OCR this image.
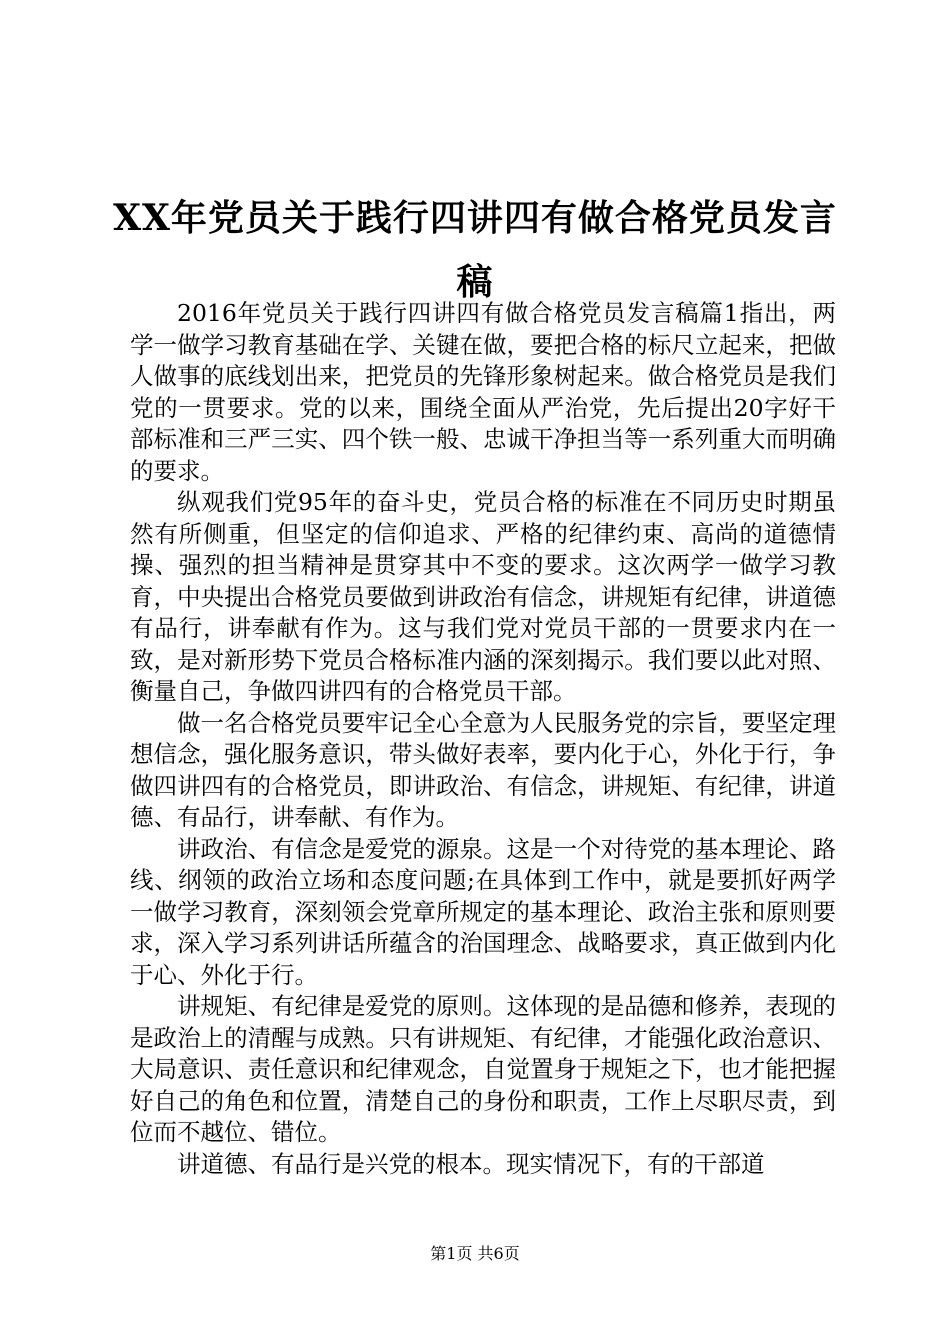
XX年党员关于践行四讲四有做合格党员发言
稿

2016年党员关于践行四讲四有做合格党员发言稿篇1指出，两学一做学习教育基础在学、关键在做，要把合格的标尺立起来，把做人做事的底线划出来，把党员的先锋形象树起来。做合格党员是我们党的一贯要求。党的以来，围绕全面从严治党，先后提出20字好干部标准和三严三实、四个铁一般、忠诚干净担当等一系列重大而明确的要求。

纵观我们党95年的奋斗史，党员合格的标准在不同历史时期虽然有所侧重，但坚定的信仰追求、严格的纪律约束、高尚的道德情操、强烈的担当精神是贯穿其中不变的要求。这次两学一做学习教育，中央提出合格党员要做到讲政治有信念，讲规矩有纪律，讲道德有品行，讲奉献有作为。这与我们党对党员干部的一贯要求内在一致，是对新形势下党员合格标准内涵的深刻揭示。我们要以此对照、衡量自己，争做四讲四有的合格党员干部。

做一名合格党员要牢记全心全意为人民服务党的宗旨，要坚定理想信念，强化服务意识，带头做好表率，要内化于心，外化于行，争做四讲四有的合格党员，即讲政治、有信念，讲规矩、有纪律，讲道德、有品行，讲奉献、有作为。

讲政治、有信念是爱党的源泉。这是一个对待党的基本理论、路线、纲领的政治立场和态度问题;在具体到工作中，就是要抓好两学一做学习教育，深刻领会党章所规定的基本理论、政治主张和原则要求，深入学习系列讲话所蕴含的治国理念、战略要求，真正做到内化于心、外化于行。

讲规矩、有纪律是爱党的原则。这体现的是品德和修养，表现的是政治上的清醒与成熟。只有讲规矩、有纪律，才能强化政治意识、大局意识、责任意识和纪律观念，自觉置身于规矩之下，也才能把握好自己的角色和位置，清楚自己的身份和职责，工作上尽职尽责，到位而不越位、错位。

讲道德、有品行是兴党的根本。现实情况下，有的干部道

第1页 共6页
